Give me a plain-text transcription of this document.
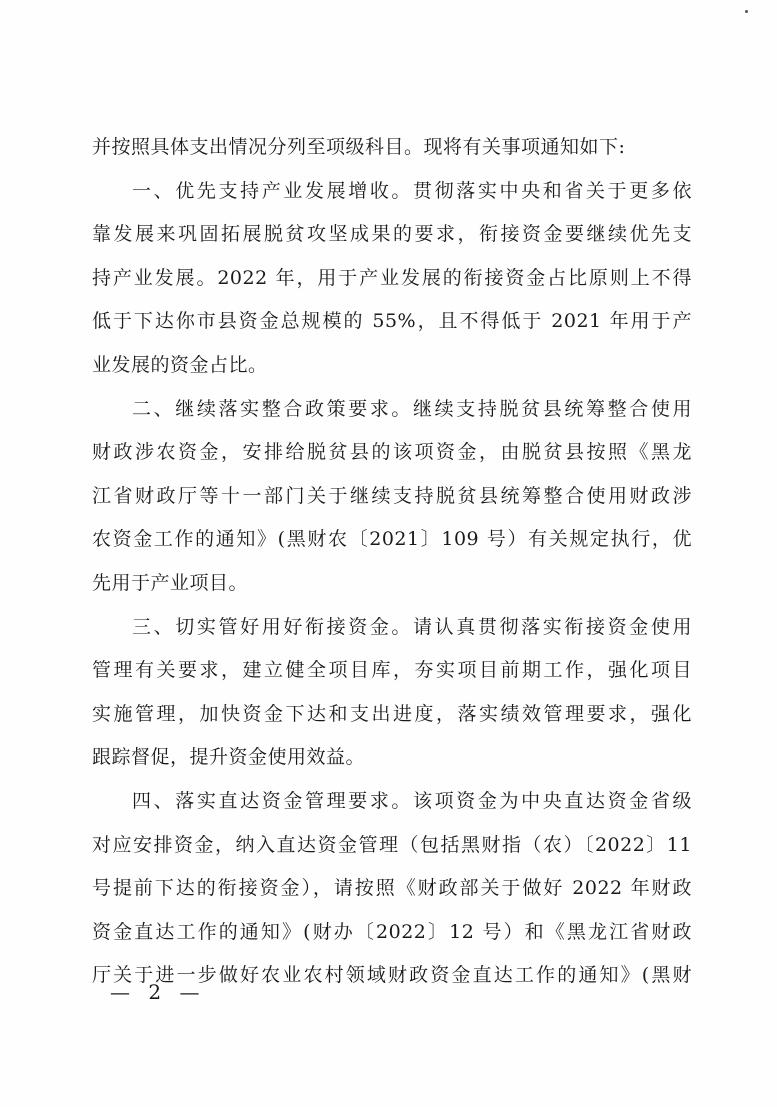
并按照具体支出情况分列至项级科目。现将有关事项通知如下:
一、优先支持产业发展增收。贯彻落实中央和省关于更多依
靠发展来巩固拓展脱贫攻坚成果的要求，衔接资金要继续优先支
持产业发展。2022 年，用于产业发展的衔接资金占比原则上不得
低于下达你市县资金总规模的 55%，且不得低于 2021 年用于产
业发展的资金占比。
二、继续落实整合政策要求。继续支持脱贫县统筹整合使用
财政涉农资金，安排给脱贫县的该项资金，由脱贫县按照《黑龙
江省财政厅等十一部门关于继续支持脱贫县统筹整合使用财政涉
农资金工作的通知》(黑财农〔2021〕109 号）有关规定执行，优
先用于产业项目。
三、切实管好用好衔接资金。请认真贯彻落实衔接资金使用
管理有关要求，建立健全项目库，夯实项目前期工作，强化项目
实施管理，加快资金下达和支出进度，落实绩效管理要求，强化
跟踪督促，提升资金使用效益。
四、落实直达资金管理要求。该项资金为中央直达资金省级
对应安排资金，纳入直达资金管理（包括黑财指（农）〔2022〕11
号提前下达的衔接资金），请按照《财政部关于做好 2022 年财政
资金直达工作的通知》(财办〔2022〕12 号）和《黑龙江省财政
厅关于进一步做好农业农村领域财政资金直达工作的通知》(黑财
— 2 —
